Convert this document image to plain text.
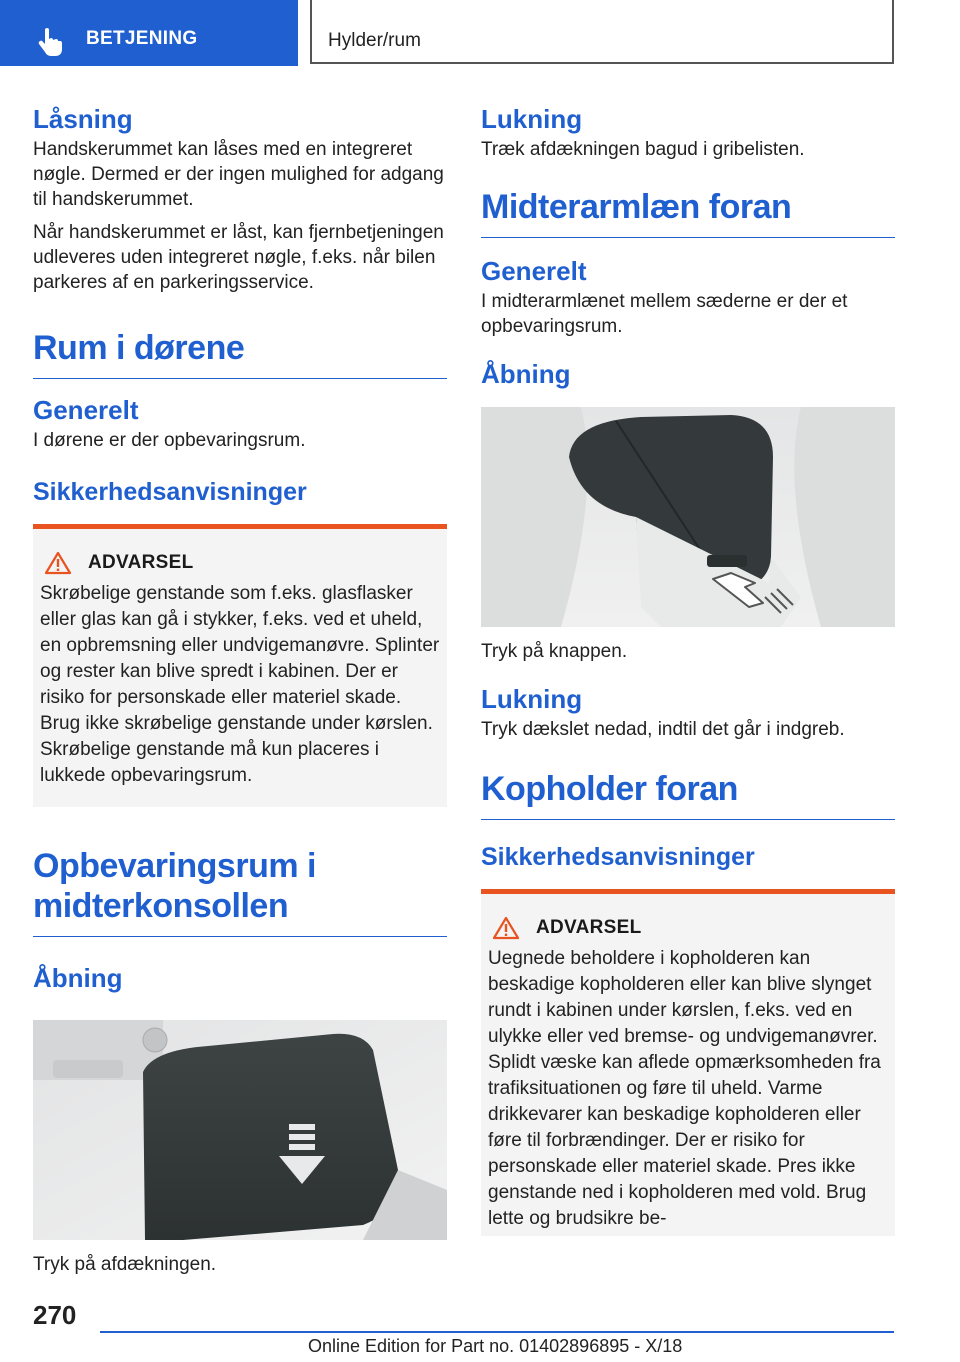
BETJENING	Hylder/rum
Låsning

Handskerummet kan låses med en integreret nøgle. Dermed er der ingen mulighed for adgang til handskerummet.

Når handskerummet er låst, kan fjernbetjeningen udleveres uden integreret nøgle, f.eks. når bilen parkeres af en parkeringsservice.

Rum i dørene
Generelt

I dørene er der opbevaringsrum.

Sikkerhedsanvisninger
ADVARSEL

Skrøbelige genstande som f.eks. glasflasker eller glas kan gå i stykker, f.eks. ved et uheld, en opbremsning eller undvigemanøvre. Splinter og rester kan blive spredt i kabinen. Der er risiko for personskade eller materiel skade. Brug ikke skrøbelige genstande under kørslen. Skrøbelige genstande må kun placeres i lukkede opbevaringsrum.

Opbevaringsrum i midterkonsollen
Åbning

Tryk på afdækningen.

Lukning

Træk afdækningen bagud i gribelisten.

Midterarmlæn foran
Generelt

I midterarmlænet mellem sæderne er der et opbevaringsrum.

Åbning

Tryk på knappen.

Lukning

Tryk dækslet nedad, indtil det går i indgreb.

Kopholder foran
Sikkerhedsanvisninger
ADVARSEL

Uegnede beholdere i kopholderen kan beskadige kopholderen eller kan blive slynget rundt i kabinen under kørslen, f.eks. ved en ulykke eller ved bremse- og undvigemanøvrer. Splidt væske kan aflede opmærksomheden fra trafiksituationen og føre til uheld. Varme drikkevarer kan beskadige kopholderen eller føre til forbrændinger. Der er risiko for personskade eller materiel skade. Pres ikke genstande ned i kopholderen med vold. Brug lette og brudsikre be-

270
Online Edition for Part no. 01402896895 - X/18
